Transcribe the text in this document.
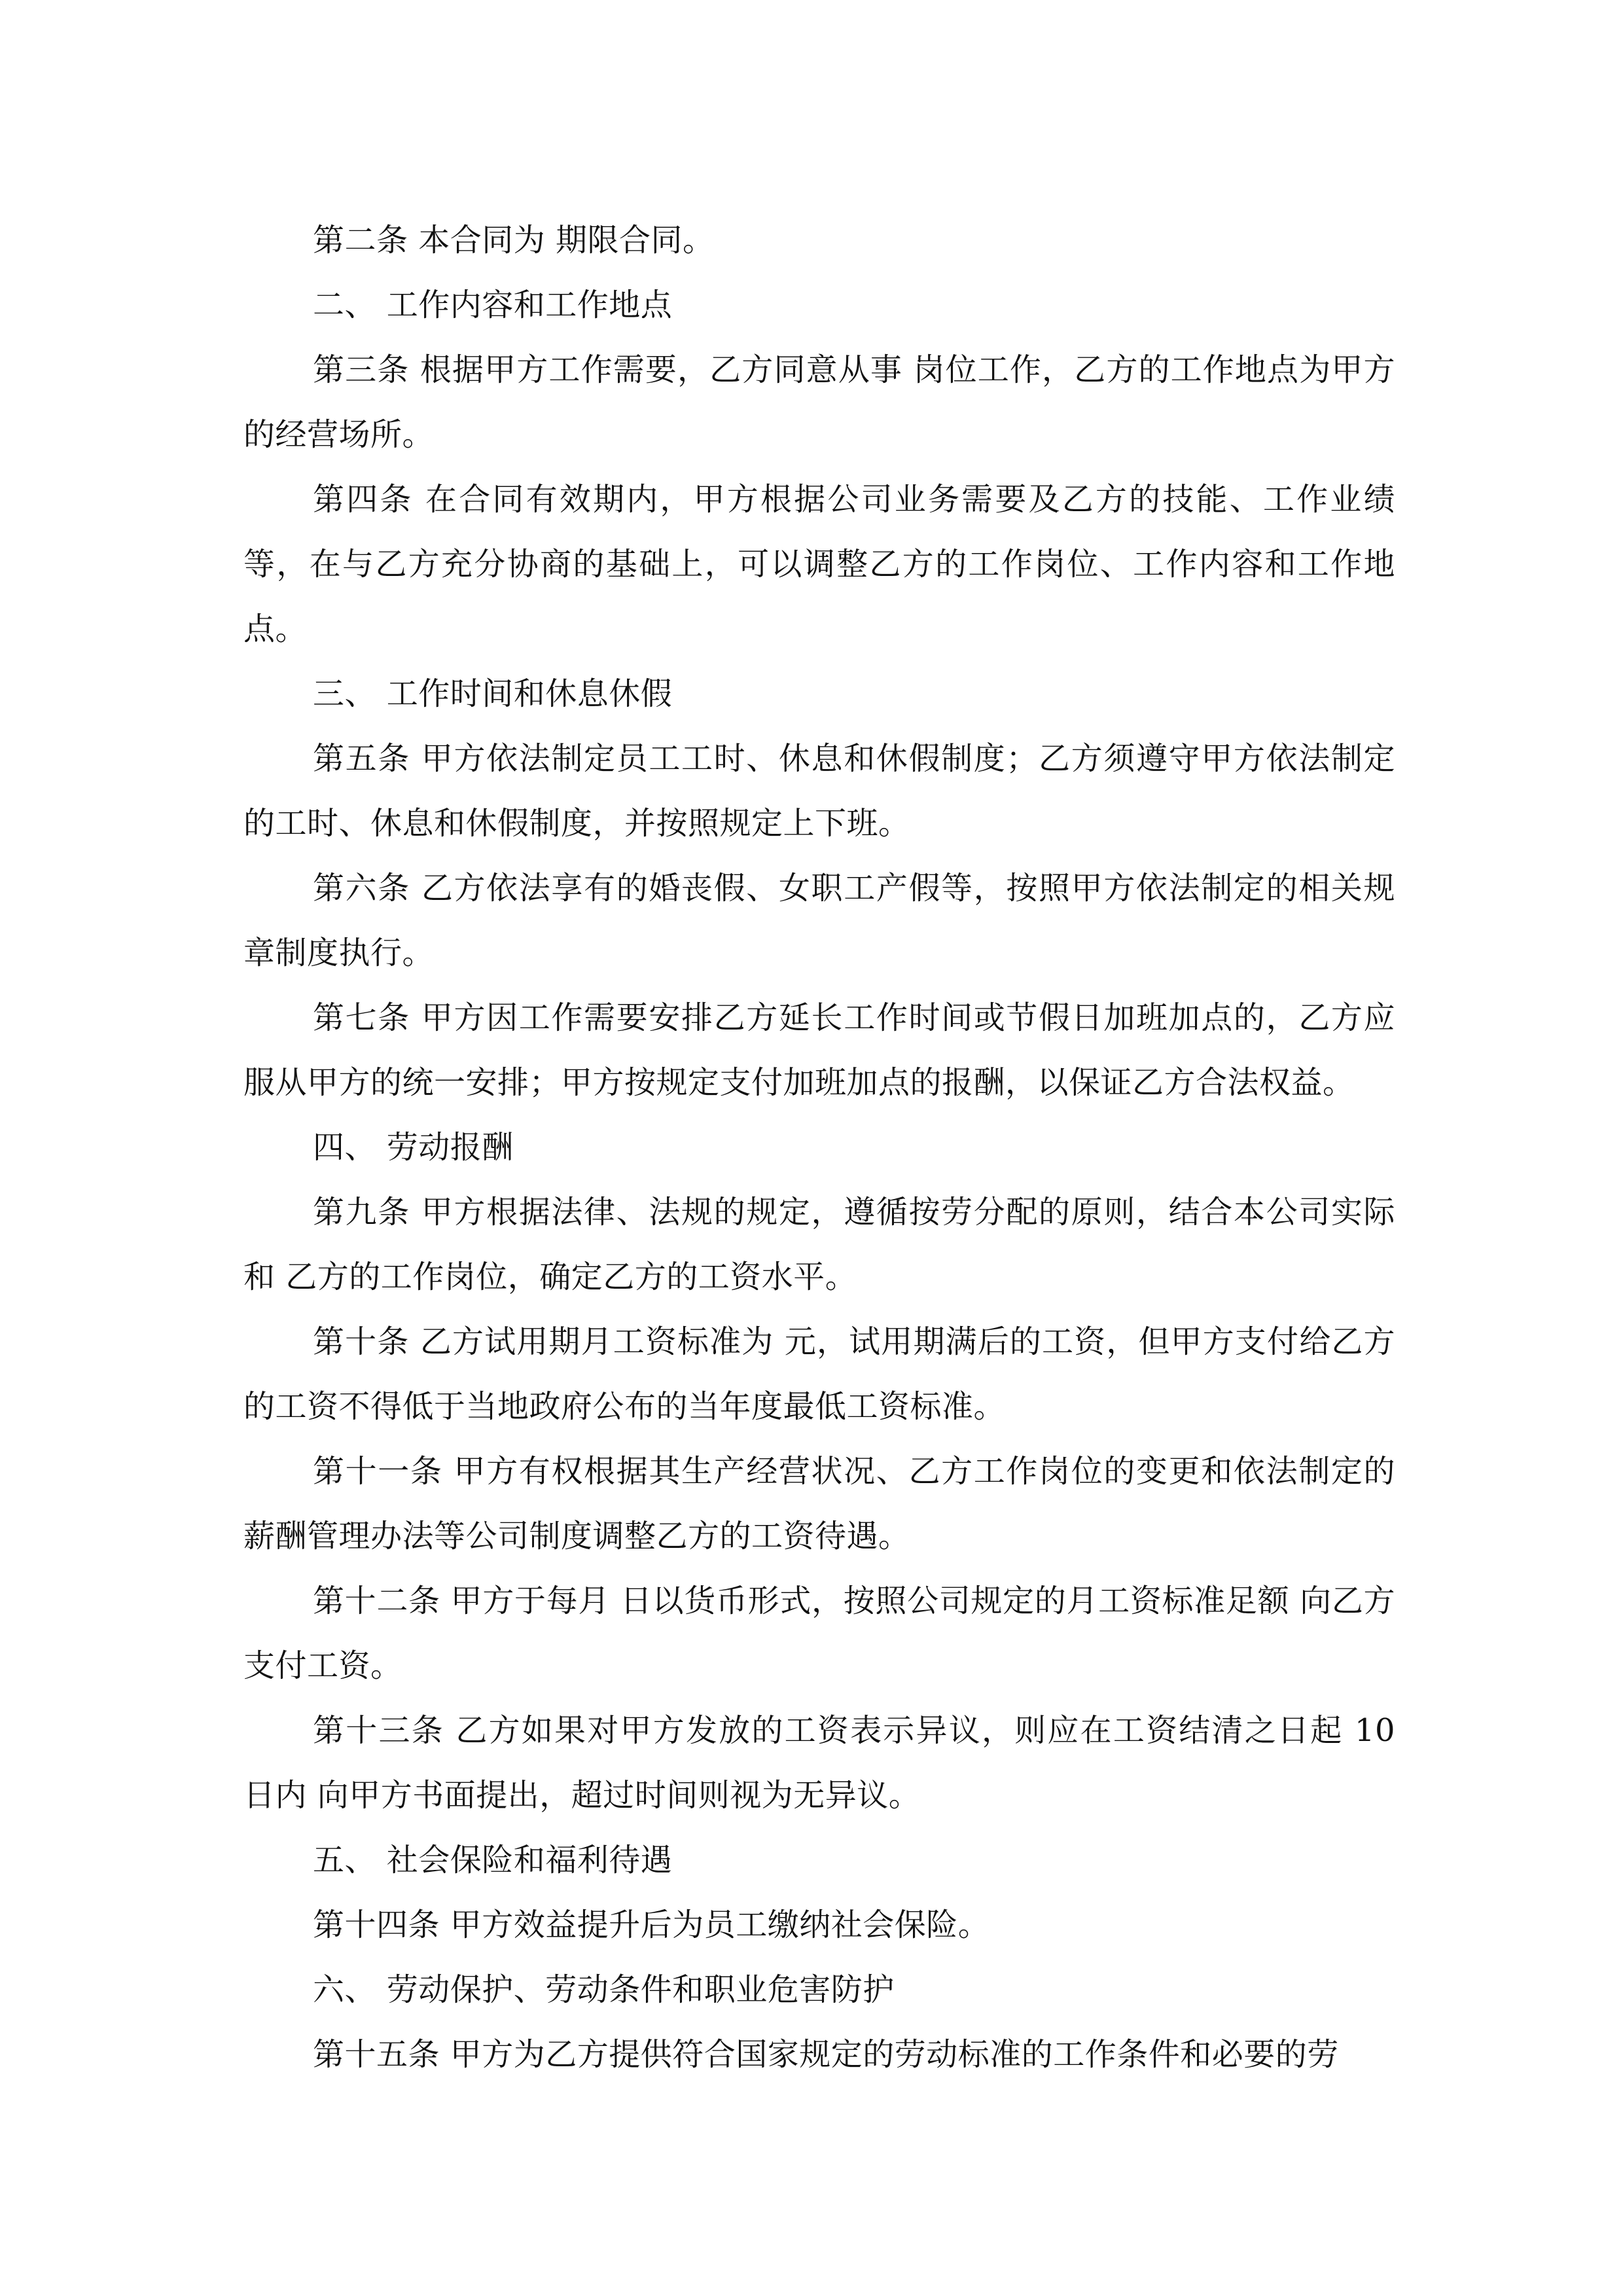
第二条 本合同为 期限合同。

二、 工作内容和工作地点

第三条 根据甲方工作需要，乙方同意从事 岗位工作，乙方的工作地点为甲方的经营场所。

第四条 在合同有效期内，甲方根据公司业务需要及乙方的技能、工作业绩等，在与乙方充分协商的基础上，可以调整乙方的工作岗位、工作内容和工作地点。

三、 工作时间和休息休假

第五条 甲方依法制定员工工时、休息和休假制度；乙方须遵守甲方依法制定的工时、休息和休假制度，并按照规定上下班。

第六条 乙方依法享有的婚丧假、女职工产假等，按照甲方依法制定的相关规章制度执行。

第七条 甲方因工作需要安排乙方延长工作时间或节假日加班加点的，乙方应服从甲方的统一安排；甲方按规定支付加班加点的报酬，以保证乙方合法权益。

四、 劳动报酬

第九条 甲方根据法律、法规的规定，遵循按劳分配的原则，结合本公司实际和 乙方的工作岗位，确定乙方的工资水平。

第十条 乙方试用期月工资标准为 元，试用期满后的工资，但甲方支付给乙方的工资不得低于当地政府公布的当年度最低工资标准。

第十一条 甲方有权根据其生产经营状况、乙方工作岗位的变更和依法制定的薪酬管理办法等公司制度调整乙方的工资待遇。

第十二条 甲方于每月 日以货币形式，按照公司规定的月工资标准足额 向乙方支付工资。

第十三条 乙方如果对甲方发放的工资表示异议，则应在工资结清之日起 10 日内 向甲方书面提出，超过时间则视为无异议。

五、 社会保险和福利待遇

第十四条 甲方效益提升后为员工缴纳社会保险。

六、 劳动保护、劳动条件和职业危害防护

第十五条 甲方为乙方提供符合国家规定的劳动标准的工作条件和必要的劳
